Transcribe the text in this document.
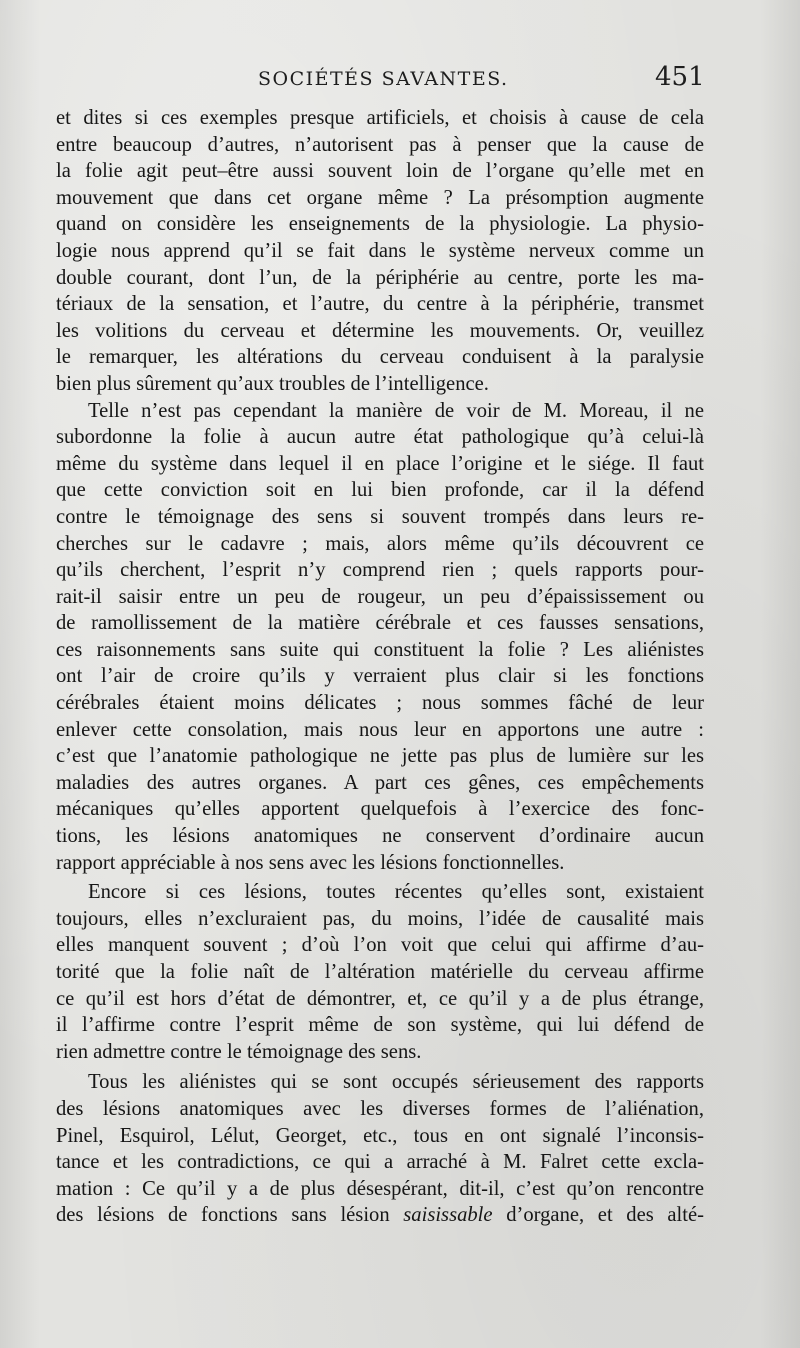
SOCIÉTÉS SAVANTES.	451

et dites si ces exemples presque artificiels, et choisis à cause de cela
entre beaucoup d’autres, n’autorisent pas à penser que la cause de
la folie agit peut–être aussi souvent loin de l’organe qu’elle met en
mouvement que dans cet organe même ? La présomption augmente
quand on considère les enseignements de la physiologie. La physio-
logie nous apprend qu’il se fait dans le système nerveux comme un
double courant, dont l’un, de la périphérie au centre, porte les ma-
tériaux de la sensation, et l’autre, du centre à la périphérie, transmet
les volitions du cerveau et détermine les mouvements. Or, veuillez
le remarquer, les altérations du cerveau conduisent à la paralysie
bien plus sûrement qu’aux troubles de l’intelligence.

Telle n’est pas cependant la manière de voir de M. Moreau, il ne
subordonne la folie à aucun autre état pathologique qu’à celui-là
même du système dans lequel il en place l’origine et le siége. Il faut
que cette conviction soit en lui bien profonde, car il la défend
contre le témoignage des sens si souvent trompés dans leurs re-
cherches sur le cadavre ; mais, alors même qu’ils découvrent ce
qu’ils cherchent, l’esprit n’y comprend rien ; quels rapports pour-
rait-il saisir entre un peu de rougeur, un peu d’épaississement ou
de ramollissement de la matière cérébrale et ces fausses sensations,
ces raisonnements sans suite qui constituent la folie ? Les aliénistes
ont l’air de croire qu’ils y verraient plus clair si les fonctions
cérébrales étaient moins délicates ; nous sommes fâché de leur
enlever cette consolation, mais nous leur en apportons une autre :
c’est que l’anatomie pathologique ne jette pas plus de lumière sur les
maladies des autres organes. A part ces gênes, ces empêchements
mécaniques qu’elles apportent quelquefois à l’exercice des fonc-
tions, les lésions anatomiques ne conservent d’ordinaire aucun
rapport appréciable à nos sens avec les lésions fonctionnelles.

Encore si ces lésions, toutes récentes qu’elles sont, existaient
toujours, elles n’excluraient pas, du moins, l’idée de causalité mais
elles manquent souvent ; d’où l’on voit que celui qui affirme d’au-
torité que la folie naît de l’altération matérielle du cerveau affirme
ce qu’il est hors d’état de démontrer, et, ce qu’il y a de plus étrange,
il l’affirme contre l’esprit même de son système, qui lui défend de
rien admettre contre le témoignage des sens.

Tous les aliénistes qui se sont occupés sérieusement des rapports
des lésions anatomiques avec les diverses formes de l’aliénation,
Pinel, Esquirol, Lélut, Georget, etc., tous en ont signalé l’inconsis-
tance et les contradictions, ce qui a arraché à M. Falret cette excla-
mation : Ce qu’il y a de plus désespérant, dit-il, c’est qu’on rencontre
des lésions de fonctions sans lésion saisissable d’organe, et des alté-
